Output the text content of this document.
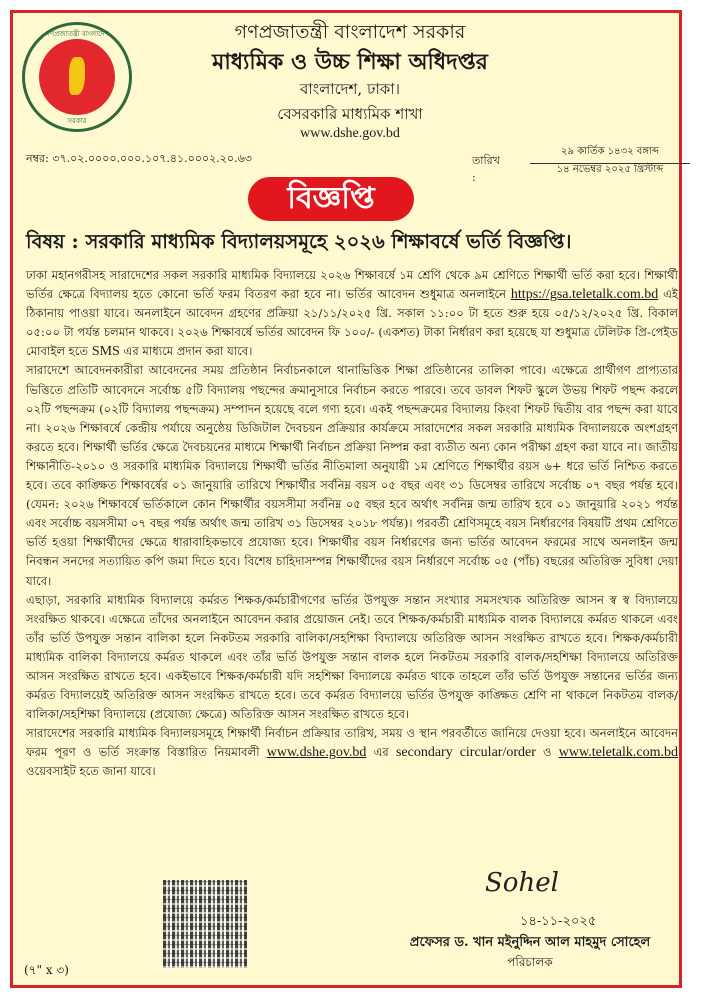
গণপ্রজাতন্ত্রী বাংলাদেশ
সরকার
গণপ্রজাতন্ত্রী বাংলাদেশ সরকার
মাধ্যমিক ও উচ্চ শিক্ষা অধিদপ্তর
বাংলাদেশ, ঢাকা।
বেসরকারি মাধ্যমিক শাখা
www.dshe.gov.bd
নম্বর: ৩৭.০২.০০০০.০০০.১০৭.৪১.০০০২.২০.৬৩	তারিখ :
২৯ কার্তিক ১৪৩২ বঙ্গাব্দ
১৪ নভেম্বর ২০২৫ খ্রিস্টাব্দ
বিজ্ঞপ্তি
বিষয় : সরকারি মাধ্যমিক বিদ্যালয়সমূহে ২০২৬ শিক্ষাবর্ষে ভর্তি বিজ্ঞপ্তি।

ঢাকা মহানগরীসহ সারাদেশের সকল সরকারি মাধ্যমিক বিদ্যালয়ে ২০২৬ শিক্ষাবর্ষে ১ম শ্রেণি থেকে ৯ম শ্রেণিতে শিক্ষার্থী ভর্তি করা হবে। শিক্ষার্থী ভর্তির ক্ষেত্রে বিদ্যালয় হতে কোনো ভর্তি ফরম বিতরণ করা হবে না। ভর্তির আবেদন শুধুমাত্র অনলাইনে https://gsa.teletalk.com.bd এই ঠিকানায় পাওয়া যাবে। অনলাইনে আবেদন গ্রহণের প্রক্রিয়া ২১/১১/২০২৫ খ্রি. সকাল ১১:০০ টা হতে শুরু হয়ে ০৫/১২/২০২৫ খ্রি. বিকাল ০৫:০০ টা পর্যন্ত চলমান থাকবে। ২০২৬ শিক্ষাবর্ষে ভর্তির আবেদন ফি ১০০/- (একশত) টাকা নির্ধারণ করা হয়েছে যা শুধুমাত্র টেলিটক প্রি-পেইড মোবাইল হতে SMS এর মাধ্যমে প্রদান করা যাবে।

সারাদেশে আবেদনকারীরা আবেদনের সময় প্রতিষ্ঠান নির্বাচনকালে থানাভিত্তিক শিক্ষা প্রতিষ্ঠানের তালিকা পাবে। এক্ষেত্রে প্রার্থীগণ প্রাপ্যতার ভিত্তিতে প্রতিটি আবেদনে সর্বোচ্চ ৫টি বিদ্যালয় পছন্দের ক্রমানুসারে নির্বাচন করতে পারবে। তবে ডাবল শিফট স্কুলে উভয় শিফট পছন্দ করলে ০২টি পছন্দক্রম (০২টি বিদ্যালয় পছন্দক্রম) সম্পাদন হয়েছে বলে গণ্য হবে। একই পছন্দক্রমের বিদ্যালয় কিংবা শিফট দ্বিতীয় বার পছন্দ করা যাবে না। ২০২৬ শিক্ষাবর্ষে কেন্দ্রীয় পর্যায়ে অনুষ্ঠেয় ডিজিটাল দৈবচয়ন প্রক্রিয়ার কার্যক্রমে সারাদেশের সকল সরকারি মাধ্যমিক বিদ্যালয়কে অংশগ্রহণ করতে হবে। শিক্ষার্থী ভর্তির ক্ষেত্রে দৈবচয়নের মাধ্যমে শিক্ষার্থী নির্বাচন প্রক্রিয়া নিষ্পন্ন করা ব্যতীত অন্য কোন পরীক্ষা গ্রহণ করা যাবে না। জাতীয় শিক্ষানীতি-২০১০ ও সরকারি মাধ্যমিক বিদ্যালয়ে শিক্ষার্থী ভর্তির নীতিমালা অনুযায়ী ১ম শ্রেণিতে শিক্ষার্থীর বয়স ৬+ ধরে ভর্তি নিশ্চিত করতে হবে। তবে কাঙ্ক্ষিত শিক্ষাবর্ষের ০১ জানুয়ারি তারিখে শিক্ষার্থীর সর্বনিম্ন বয়স ০৫ বছর এবং ৩১ ডিসেম্বর তারিখে সর্বোচ্চ ০৭ বছর পর্যন্ত হবে। (যেমন: ২০২৬ শিক্ষাবর্ষে ভর্তিকালে কোন শিক্ষার্থীর বয়সসীমা সর্বনিম্ন ০৫ বছর হবে অর্থাৎ সর্বনিম্ন জন্ম তারিখ হবে ০১ জানুয়ারি ২০২১ পর্যন্ত এবং সর্বোচ্চ বয়সসীমা ০৭ বছর পর্যন্ত অর্থাৎ জন্ম তারিখ ৩১ ডিসেম্বর ২০১৮ পর্যন্ত)। পরবর্তী শ্রেণিসমূহে বয়স নির্ধারণের বিষয়টি প্রথম শ্রেণিতে ভর্তি হওয়া শিক্ষার্থীদের ক্ষেত্রে ধারাবাহিকভাবে প্রযোজ্য হবে। শিক্ষার্থীর বয়স নির্ধারণের জন্য ভর্তির আবেদন ফরমের সাথে অনলাইন জন্ম নিবন্ধন সনদের সত্যায়িত কপি জমা দিতে হবে। বিশেষ চাহিদাসম্পন্ন শিক্ষার্থীদের বয়স নির্ধারণে সর্বোচ্চ ০৫ (পাঁচ) বছরের অতিরিক্ত সুবিধা দেয়া যাবে।

এছাড়া, সরকারি মাধ্যমিক বিদ্যালয়ে কর্মরত শিক্ষক/কর্মচারীগণের ভর্তির উপযুক্ত সন্তান সংখ্যার সমসংখ্যক অতিরিক্ত আসন স্ব স্ব বিদ্যালয়ে সংরক্ষিত থাকবে। এক্ষেত্রে তাঁদের অনলাইনে আবেদন করার প্রয়োজন নেই। তবে শিক্ষক/কর্মচারী মাধ্যমিক বালক বিদ্যালয়ে কর্মরত থাকলে এবং তাঁর ভর্তি উপযুক্ত সন্তান বালিকা হলে নিকটতম সরকারি বালিকা/সহশিক্ষা বিদ্যালয়ে অতিরিক্ত আসন সংরক্ষিত রাখতে হবে। শিক্ষক/কর্মচারী মাধ্যমিক বালিকা বিদ্যালয়ে কর্মরত থাকলে এবং তাঁর ভর্তি উপযুক্ত সন্তান বালক হলে নিকটতম সরকারি বালক/সহশিক্ষা বিদ্যালয়ে অতিরিক্ত আসন সংরক্ষিত রাখতে হবে। একইভাবে শিক্ষক/কর্মচারী যদি সহশিক্ষা বিদ্যালয়ে কর্মরত থাকে তাহলে তাঁর ভর্তি উপযুক্ত সন্তানের ভর্তির জন্য কর্মরত বিদ্যালয়েই অতিরিক্ত আসন সংরক্ষিত রাখতে হবে। তবে কর্মরত বিদ্যালয়ে ভর্তির উপযুক্ত কাঙ্ক্ষিত শ্রেণি না থাকলে নিকটতম বালক/বালিকা/সহশিক্ষা বিদ্যালয়ে (প্রযোজ্য ক্ষেত্রে) অতিরিক্ত আসন সংরক্ষিত রাখতে হবে।

সারাদেশের সরকারি মাধ্যমিক বিদ্যালয়সমূহে শিক্ষার্থী নির্বাচন প্রক্রিয়ার তারিখ, সময় ও স্থান পরবর্তীতে জানিয়ে দেওয়া হবে। অনলাইনে আবেদন ফরম পূরণ ও ভর্তি সংক্রান্ত বিস্তারিত নিয়মাবলী www.dshe.gov.bd এর secondary circular/order ও www.teletalk.com.bd ওয়েবসাইট হতে জানা যাবে।

Sohel
১৪-১১-২০২৫
প্রফেসর ড. খান মইনুদ্দিন আল মাহমুদ সোহেল
পরিচালক
(৭" x ৩)
